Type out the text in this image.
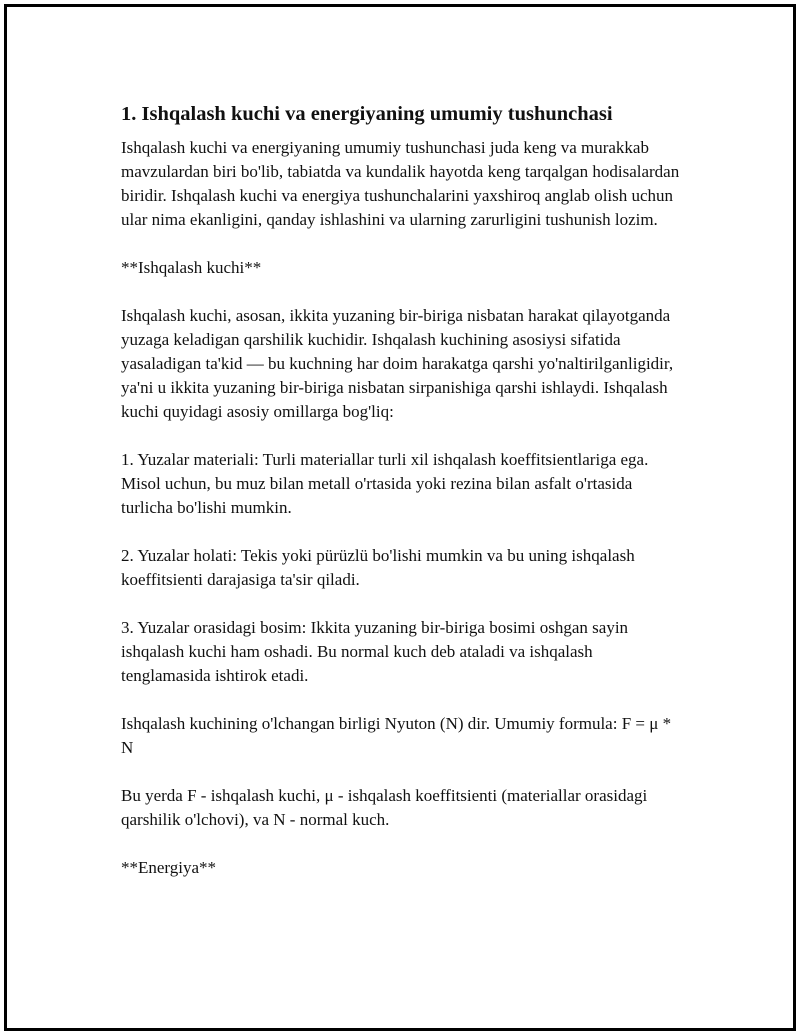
1. Ishqalash kuchi va energiyaning umumiy tushunchasi

Ishqalash kuchi va energiyaning umumiy tushunchasi juda keng va murakkab mavzulardan biri bo'lib, tabiatda va kundalik hayotda keng tarqalgan hodisalardan biridir. Ishqalash kuchi va energiya tushunchalarini yaxshiroq anglab olish uchun ular nima ekanligini, qanday ishlashini va ularning zarurligini tushunish lozim.

**Ishqalash kuchi**

Ishqalash kuchi, asosan, ikkita yuzaning bir-biriga nisbatan harakat qilayotganda yuzaga keladigan qarshilik kuchidir. Ishqalash kuchining asosiysi sifatida yasaladigan ta'kid — bu kuchning har doim harakatga qarshi yo'naltirilganligidir, ya'ni u ikkita yuzaning bir-biriga nisbatan sirpanishiga qarshi ishlaydi. Ishqalash kuchi quyidagi asosiy omillarga bog'liq:

1. Yuzalar materiali: Turli materiallar turli xil ishqalash koeffitsientlariga ega. Misol uchun, bu muz bilan metall o'rtasida yoki rezina bilan asfalt o'rtasida turlicha bo'lishi mumkin.

2. Yuzalar holati: Tekis yoki pürüzlü bo'lishi mumkin va bu uning ishqalash koeffitsienti darajasiga ta'sir qiladi.

3. Yuzalar orasidagi bosim: Ikkita yuzaning bir-biriga bosimi oshgan sayin ishqalash kuchi ham oshadi. Bu normal kuch deb ataladi va ishqalash tenglamasida ishtirok etadi.

Ishqalash kuchining o'lchangan birligi Nyuton (N) dir. Umumiy formula: F = μ * N

Bu yerda F - ishqalash kuchi, μ - ishqalash koeffitsienti (materiallar orasidagi qarshilik o'lchovi), va N - normal kuch.

**Energiya**
